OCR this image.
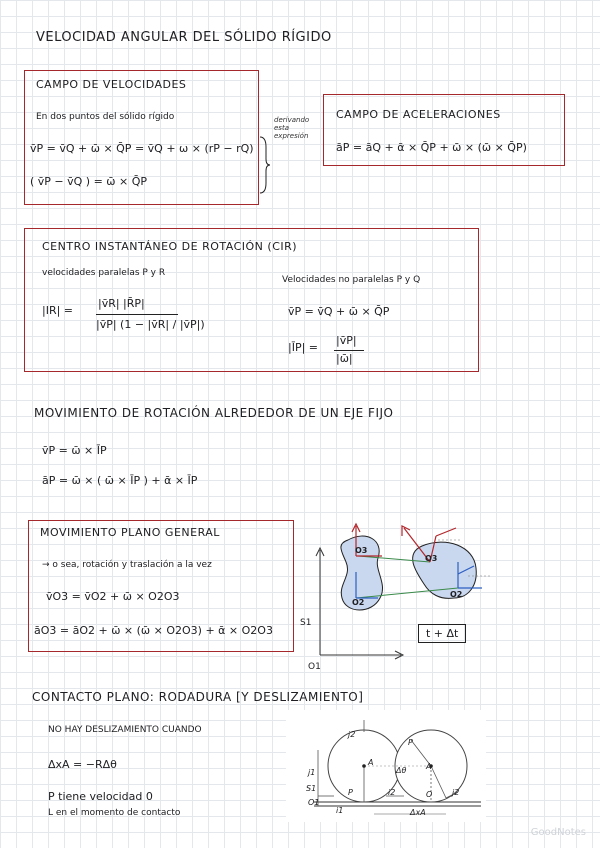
VELOCIDAD ANGULAR DEL SÓLIDO RÍGIDO
CAMPO DE VELOCIDADES
En dos puntos del sólido rígido
v̄P = v̄Q + ω̄ × Q̄P = v̄Q + ω × (rP − rQ)
( v̄P − v̄Q ) = ω̄ × Q̄P
derivando esta expresión
CAMPO DE ACELERACIONES
āP = āQ + ᾱ × Q̄P + ω̄ × (ω̄ × Q̄P)
CENTRO INSTANTÁNEO DE ROTACIÓN (CIR)
velocidades paralelas P y R
|IR| =
|v̄R| |R̄P|
|v̄P| (1 − |v̄R| / |v̄P|)
Velocidades no paralelas P y Q
v̄P = v̄Q + ω̄ × Q̄P
|ĪP| =
|v̄P|
|ω̄|
MOVIMIENTO DE ROTACIÓN ALREDEDOR DE UN EJE FIJO
v̄P = ω̄ × ĪP
āP = ω̄ × ( ω̄ × ĪP ) + ᾱ × ĪP
MOVIMIENTO PLANO GENERAL
→ o sea, rotación y traslación a la vez
v̄O3 = v̄O2 + ω̄ × O2O3
āO3 = āO2 + ω̄ × (ω̄ × O2O3) + ᾱ × O2O3
O3
O3
O2
O2
S1
O1
t + Δt
CONTACTO PLANO: RODADURA [Y DESLIZAMIENTO]
NO HAY DESLIZAMIENTO CUANDO
ΔxA = −RΔθ
P tiene velocidad 0
L en el momento de contacto
j2
j1
S1
O1
i1
A
P
P
Δθ A
i2	j2
O
ΔxA
GoodNotes
